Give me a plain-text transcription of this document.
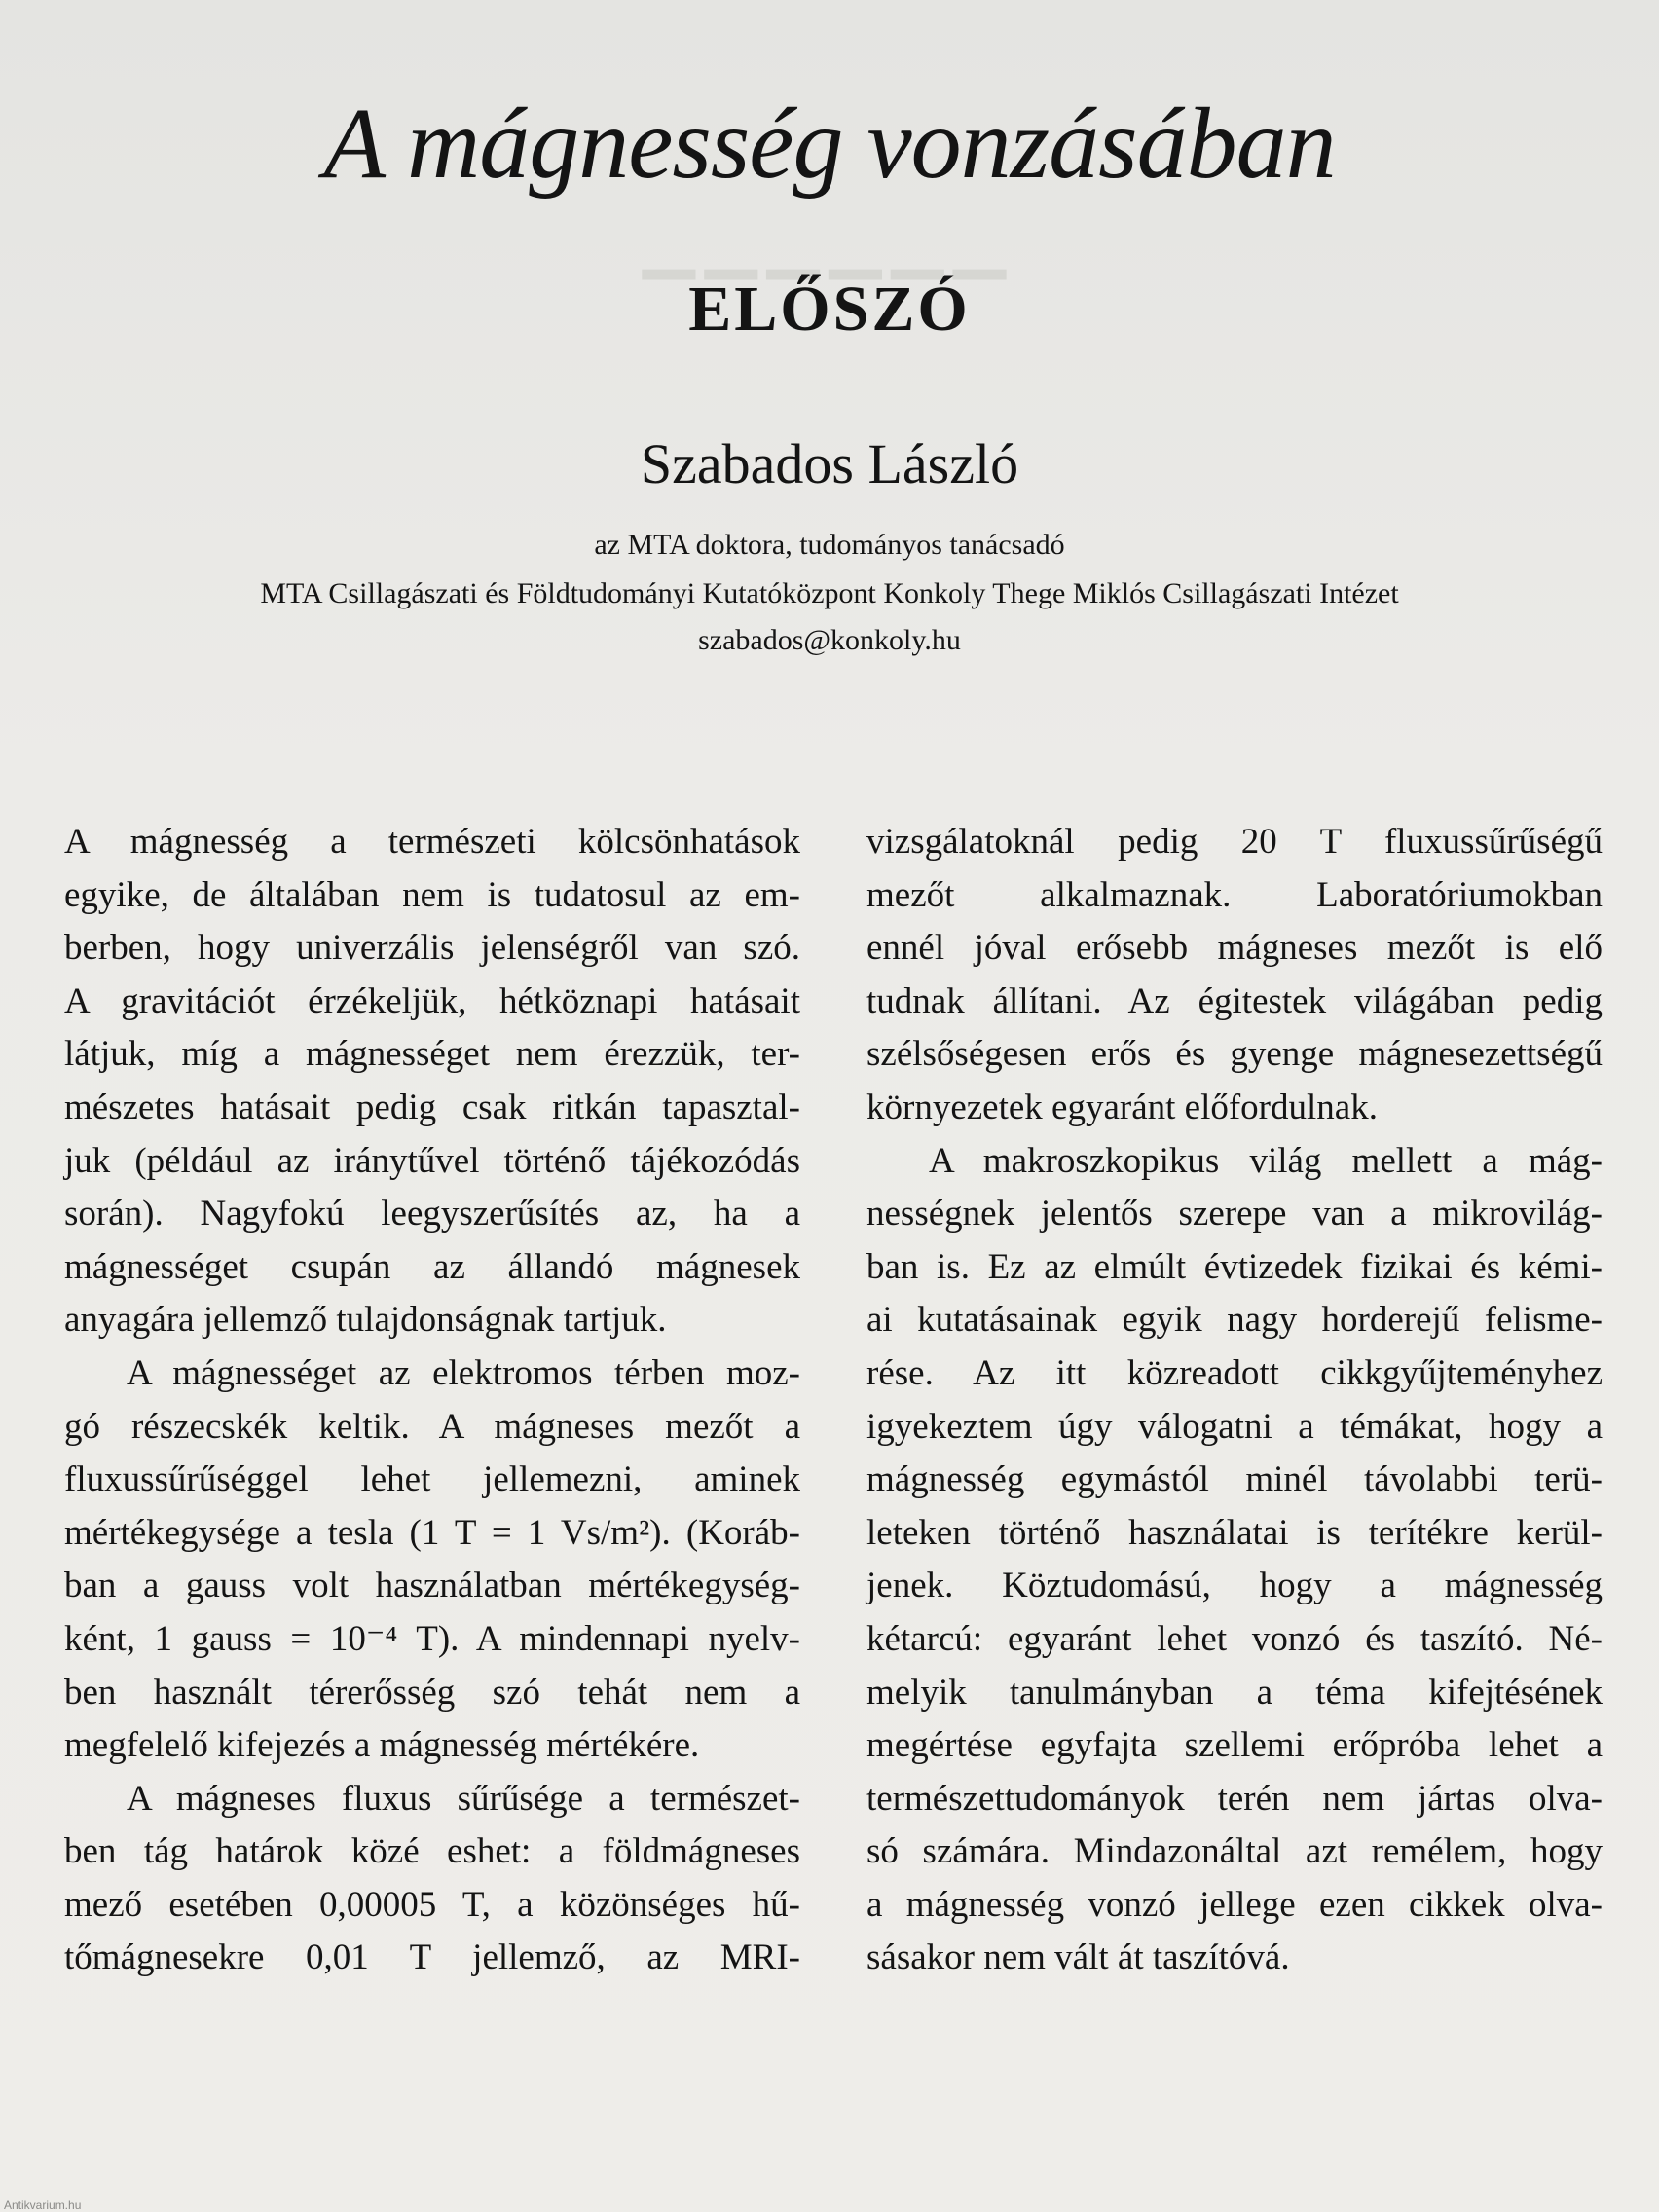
▁▁▁▁▁▁
A mágnesség vonzásában
ELŐSZÓ
Szabados László
az MTA doktora, tudományos tanácsadó
MTA Csillagászati és Földtudományi Kutatóközpont Konkoly Thege Miklós Csillagászati Intézet
szabados@konkoly.hu
A mágnesség a természeti kölcsönhatások
egyike, de általában nem is tudatosul az em-
berben, hogy univerzális jelenségről van szó.
A gravitációt érzékeljük, hétköznapi hatásait
látjuk, míg a mágnességet nem érezzük, ter-
mészetes hatásait pedig csak ritkán tapasztal-
juk (például az iránytűvel történő tájékozódás
során). Nagyfokú leegyszerűsítés az, ha a
mágnességet csupán az állandó mágnesek
anyagára jellemző tulajdonságnak tartjuk.
A mágnességet az elektromos térben moz-
gó részecskék keltik. A mágneses mezőt a
fluxussűrűséggel lehet jellemezni, aminek
mértékegysége a tesla (1 T = 1 Vs/m²). (Koráb-
ban a gauss volt használatban mértékegység-
ként, 1 gauss = 10⁻⁴ T). A mindennapi nyelv-
ben használt térerősség szó tehát nem a
megfelelő kifejezés a mágnesség mértékére.
A mágneses fluxus sűrűsége a természet-
ben tág határok közé eshet: a földmágneses
mező esetében 0,00005 T, a közönséges hű-
tőmágnesekre 0,01 T jellemző, az MRI-
vizsgálatoknál pedig 20 T fluxussűrűségű
mezőt alkalmaznak. Laboratóriumokban
ennél jóval erősebb mágneses mezőt is elő
tudnak állítani. Az égitestek világában pedig
szélsőségesen erős és gyenge mágnesezettségű
környezetek egyaránt előfordulnak.
A makroszkopikus világ mellett a mág-
nességnek jelentős szerepe van a mikrovilág-
ban is. Ez az elmúlt évtizedek fizikai és kémi-
ai kutatásainak egyik nagy horderejű felisme-
rése. Az itt közreadott cikkgyűjteményhez
igyekeztem úgy válogatni a témákat, hogy a
mágnesség egymástól minél távolabbi terü-
leteken történő használatai is terítékre kerül-
jenek. Köztudomású, hogy a mágnesség
kétarcú: egyaránt lehet vonzó és taszító. Né-
melyik tanulmányban a téma kifejtésének
megértése egyfajta szellemi erőpróba lehet a
természettudományok terén nem jártas olva-
só számára. Mindazonáltal azt remélem, hogy
a mágnesség vonzó jellege ezen cikkek olva-
sásakor nem vált át taszítóvá.
Antikvarium.hu
